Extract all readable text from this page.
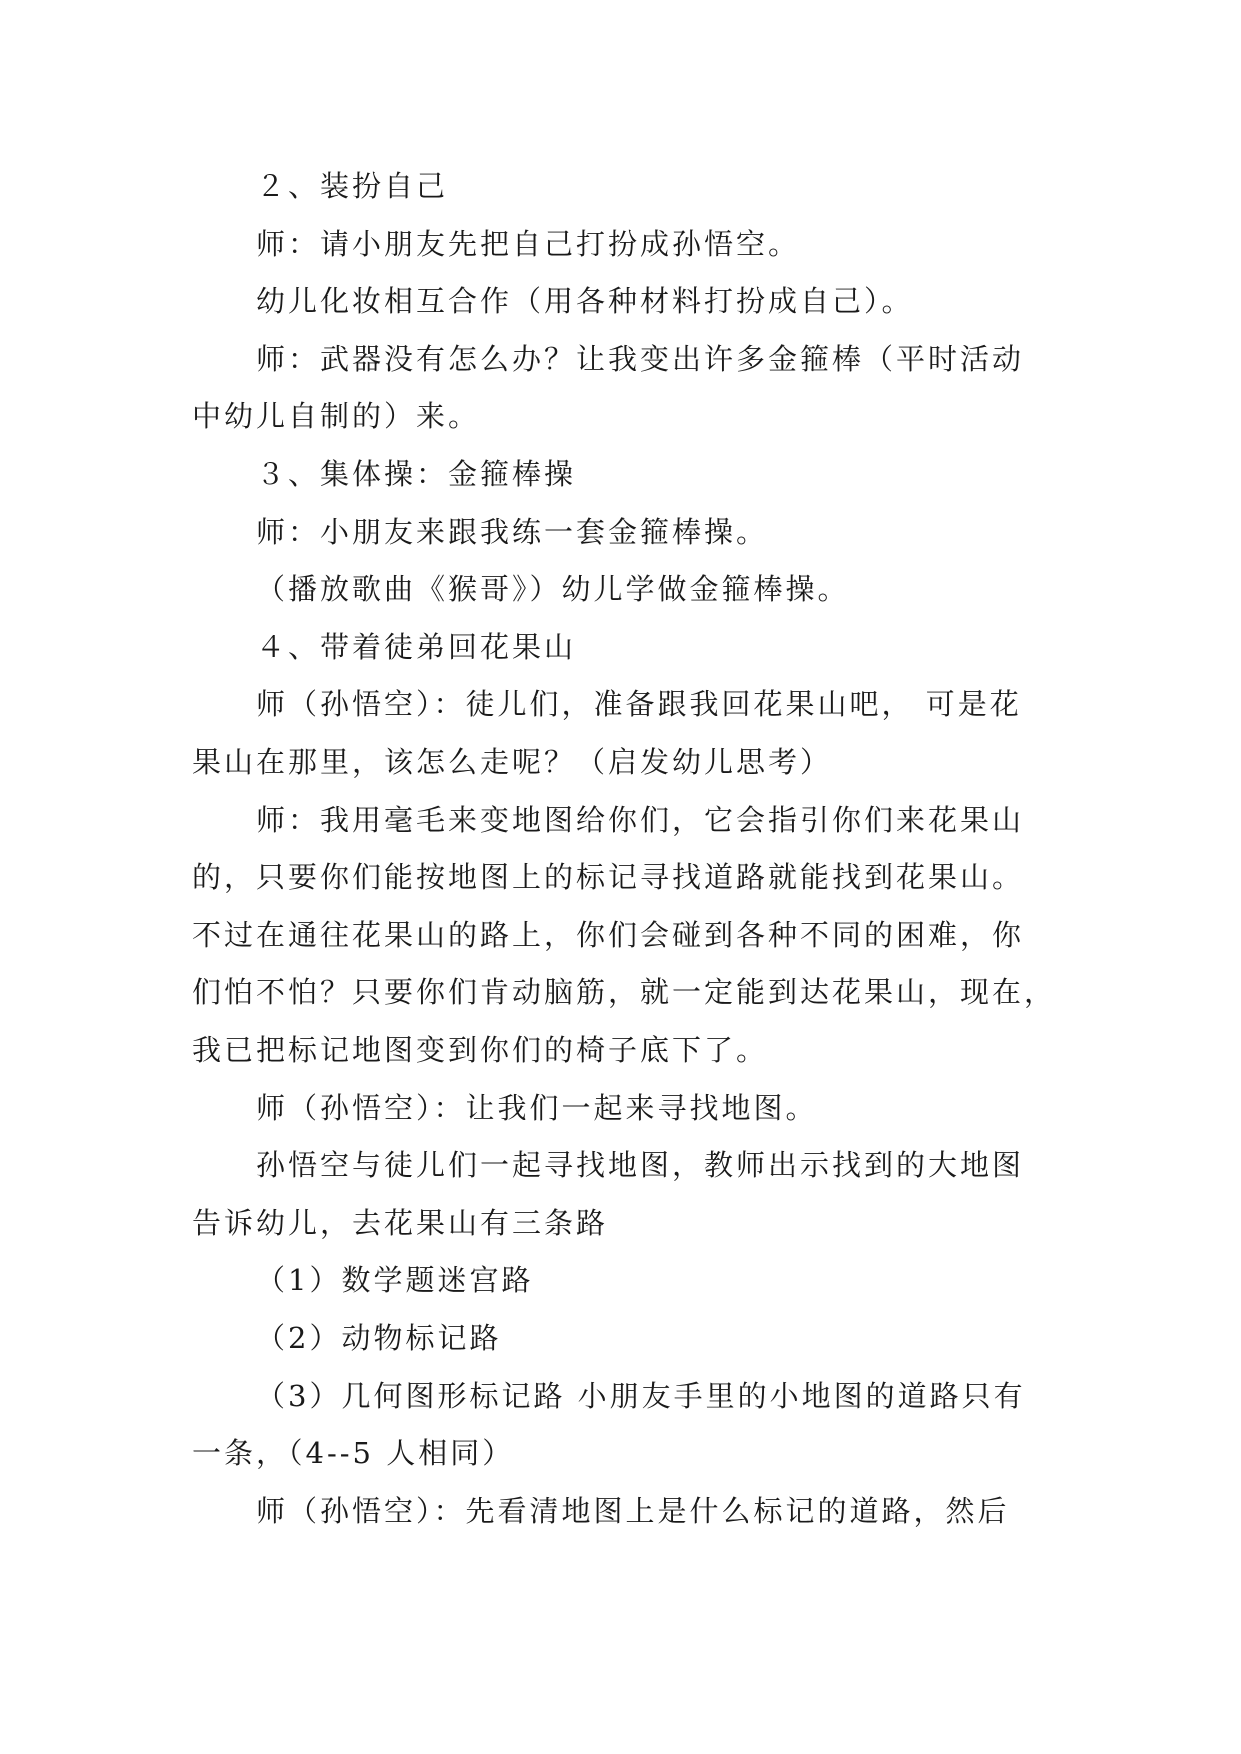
２、装扮自己
师：请小朋友先把自己打扮成孙悟空。
幼儿化妆相互合作（用各种材料打扮成自己）。
师：武器没有怎么办？让我变出许多金箍棒（平时活动
中幼儿自制的）来。
３、集体操：金箍棒操
师：小朋友来跟我练一套金箍棒操。
（播放歌曲《猴哥》）幼儿学做金箍棒操。
４、带着徒弟回花果山
师（孙悟空）：徒儿们，准备跟我回花果山吧， 可是花
果山在那里，该怎么走呢？（启发幼儿思考）
师：我用毫毛来变地图给你们，它会指引你们来花果山
的，只要你们能按地图上的标记寻找道路就能找到花果山。
不过在通往花果山的路上，你们会碰到各种不同的困难，你
们怕不怕？只要你们肯动脑筋，就一定能到达花果山，现在，
我已把标记地图变到你们的椅子底下了。
师（孙悟空）：让我们一起来寻找地图。
孙悟空与徒儿们一起寻找地图，教师出示找到的大地图
告诉幼儿，去花果山有三条路
（1）数学题迷宫路
（2）动物标记路
（3）几何图形标记路 小朋友手里的小地图的道路只有
一条，（4--5 人相同）
师（孙悟空）：先看清地图上是什么标记的道路，然后
